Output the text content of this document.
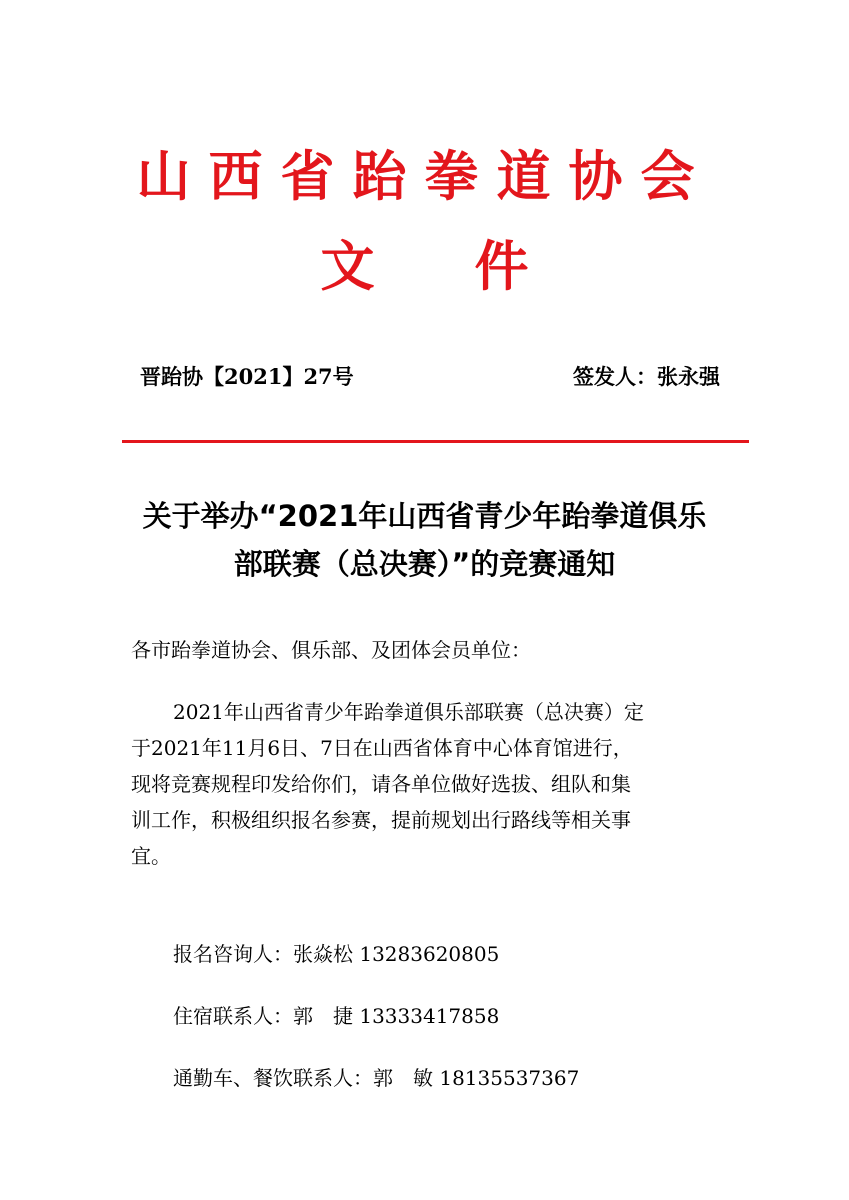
山西省跆拳道协会
文件
晋跆协【2021】27号	签发人：张永强
关于举办“2021年山西省青少年跆拳道俱乐
部联赛（总决赛）”的竞赛通知
各市跆拳道协会、俱乐部、及团体会员单位：
2021年山西省青少年跆拳道俱乐部联赛（总决赛）定
于2021年11月6日、7日在山西省体育中心体育馆进行，
现将竞赛规程印发给你们，请各单位做好选拔、组队和集
训工作，积极组织报名参赛，提前规划出行路线等相关事
宜。
报名咨询人：张焱松 13283620805
住宿联系人：郭　捷 13333417858
通勤车、餐饮联系人：郭　敏 18135537367
